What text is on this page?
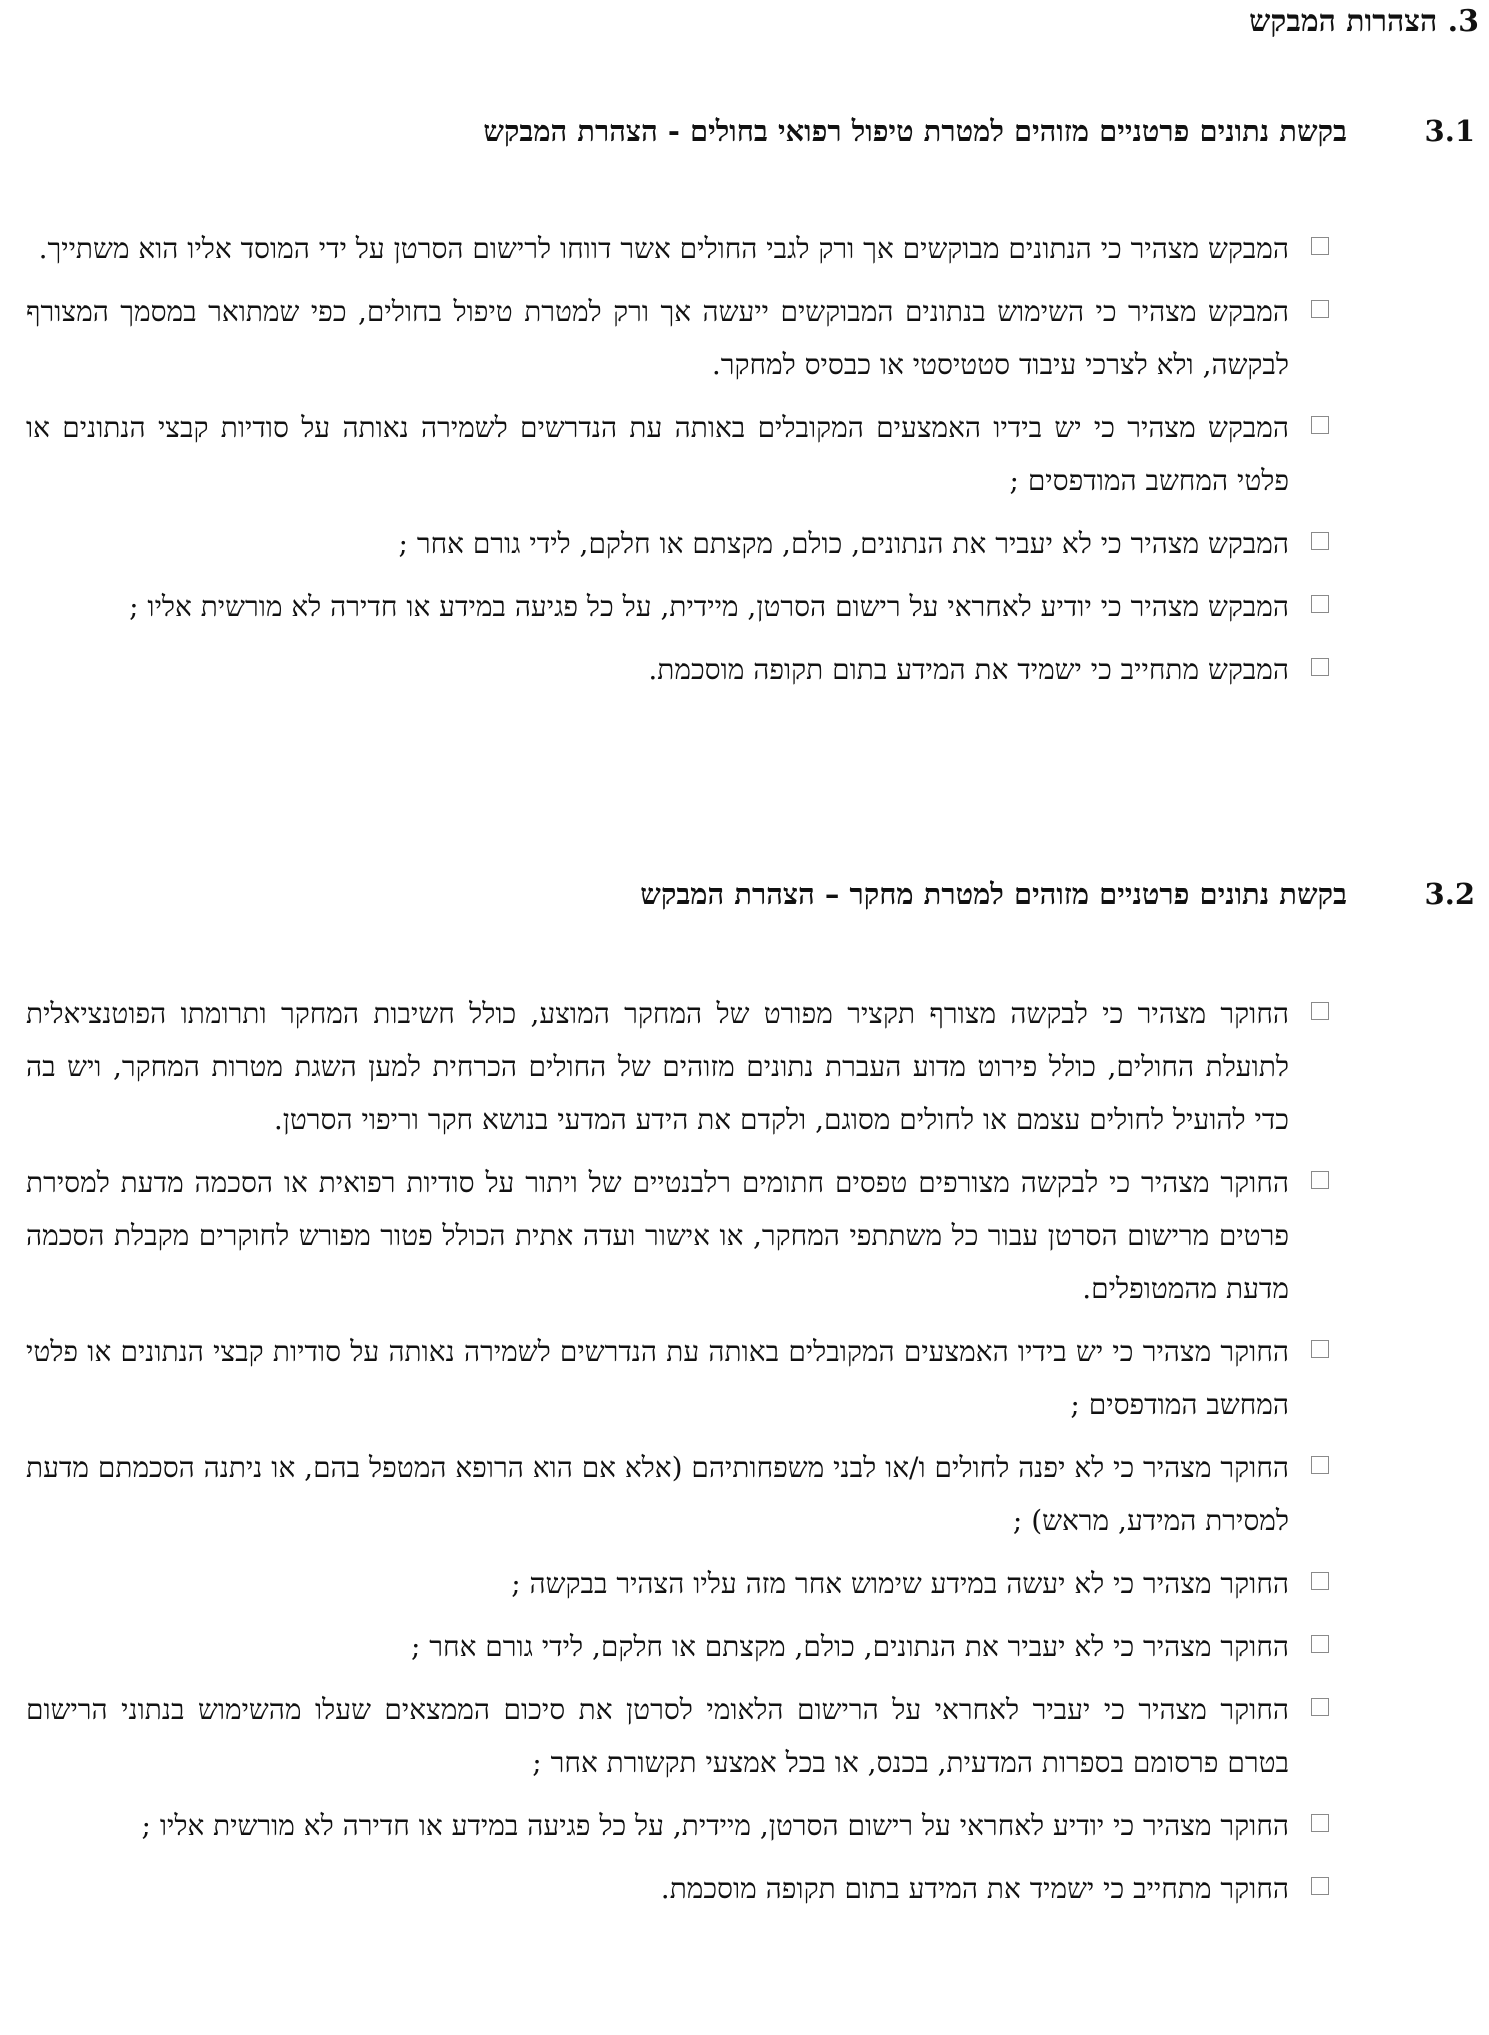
3. הצהרות המבקש
3.1בקשת נתונים פרטניים מזוהים למטרת טיפול רפואי בחולים - הצהרת המבקש
המבקש מצהיר כי הנתונים מבוקשים אך ורק לגבי החולים אשר דווחו לרישום הסרטן על ידי המוסד אליו הוא משתייך.
המבקש מצהיר כי השימוש בנתונים המבוקשים ייעשה אך ורק למטרת טיפול בחולים, כפי שמתואר במסמך המצורף לבקשה, ולא לצרכי עיבוד סטטיסטי או כבסיס למחקר.
המבקש מצהיר כי יש בידיו האמצעים המקובלים באותה עת הנדרשים לשמירה נאותה על סודיות קבצי הנתונים או פלטי המחשב המודפסים ;
המבקש מצהיר כי לא יעביר את הנתונים, כולם, מקצתם או חלקם, לידי גורם אחר ;
המבקש מצהיר כי יודיע לאחראי על רישום הסרטן, מיידית, על כל פגיעה במידע או חדירה לא מורשית אליו ;
המבקש מתחייב כי ישמיד את המידע בתום תקופה מוסכמת.
3.2בקשת נתונים פרטניים מזוהים למטרת מחקר – הצהרת המבקש
החוקר מצהיר כי לבקשה מצורף תקציר מפורט של המחקר המוצע, כולל חשיבות המחקר ותרומתו הפוטנציאלית לתועלת החולים, כולל פירוט מדוע העברת נתונים מזוהים של החולים הכרחית למען השגת מטרות המחקר, ויש בה כדי להועיל לחולים עצמם או לחולים מסוגם, ולקדם את הידע המדעי בנושא חקר וריפוי הסרטן.
החוקר מצהיר כי לבקשה מצורפים טפסים חתומים רלבנטיים של ויתור על סודיות רפואית או הסכמה מדעת למסירת פרטים מרישום הסרטן עבור כל משתתפי המחקר, או אישור ועדה אתית הכולל פטור מפורש לחוקרים מקבלת הסכמה מדעת מהמטופלים.
החוקר מצהיר כי יש בידיו האמצעים המקובלים באותה עת הנדרשים לשמירה נאותה על סודיות קבצי הנתונים או פלטי המחשב המודפסים ;
החוקר מצהיר כי לא יפנה לחולים ו/או לבני משפחותיהם (אלא אם הוא הרופא המטפל בהם, או ניתנה הסכמתם מדעת למסירת המידע, מראש) ;
החוקר מצהיר כי לא יעשה במידע שימוש אחר מזה עליו הצהיר בבקשה ;
החוקר מצהיר כי לא יעביר את הנתונים, כולם, מקצתם או חלקם, לידי גורם אחר ;
החוקר מצהיר כי יעביר לאחראי על הרישום הלאומי לסרטן את סיכום הממצאים שעלו מהשימוש בנתוני הרישום בטרם פרסומם בספרות המדעית, בכנס, או בכל אמצעי תקשורת אחר ;
החוקר מצהיר כי יודיע לאחראי על רישום הסרטן, מיידית, על כל פגיעה במידע או חדירה לא מורשית אליו ;
החוקר מתחייב כי ישמיד את המידע בתום תקופה מוסכמת.
